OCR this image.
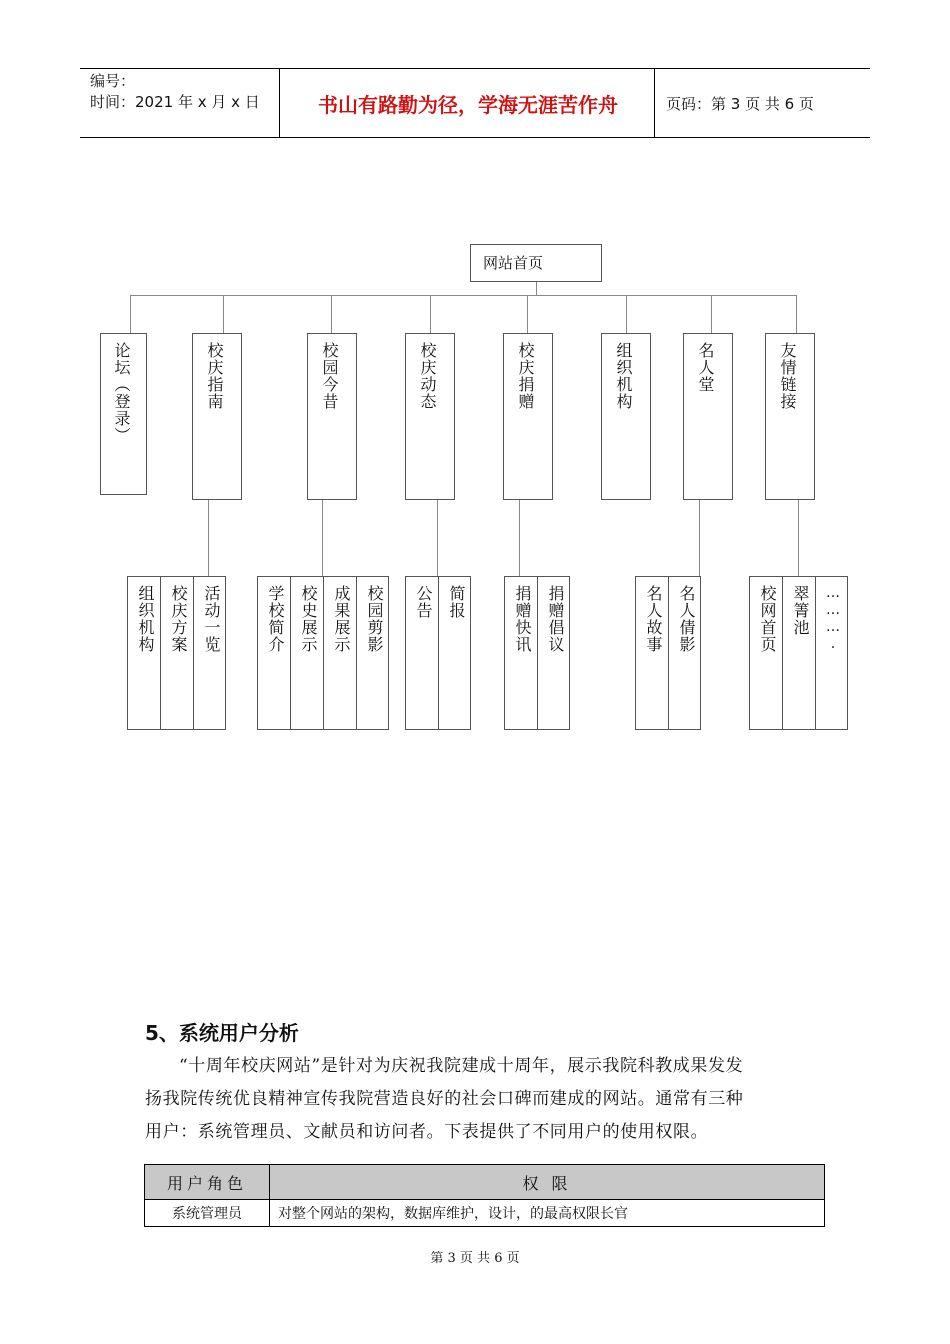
编号：
时间：2021 年 x 月 x 日	书山有路勤为径，学海无涯苦作舟	页码：第 3 页 共 6 页
网站首页
论坛（登录）	校庆指南	校园今昔	校庆动态	校庆捐赠	组织机构	名人堂	友情链接
组织机构 校庆方案 活动一览	学校简介 校史展示 成果展示 校园剪影 公告 简报	捐赠快讯 捐赠倡议	名人故事 名人倩影	校网首页 翠箐池 ……….
5、系统用户分析

“十周年校庆网站”是针对为庆祝我院建成十周年，展示我院科教成果发发

扬我院传统优良精神宣传我院营造良好的社会口碑而建成的网站。通常有三种

用户：系统管理员、文献员和访问者。下表提供了不同用户的使用权限。

用户角色	权 限
系统管理员	对整个网站的架构，数据库维护，设计，的最高权限长官
第 3 页 共 6 页
